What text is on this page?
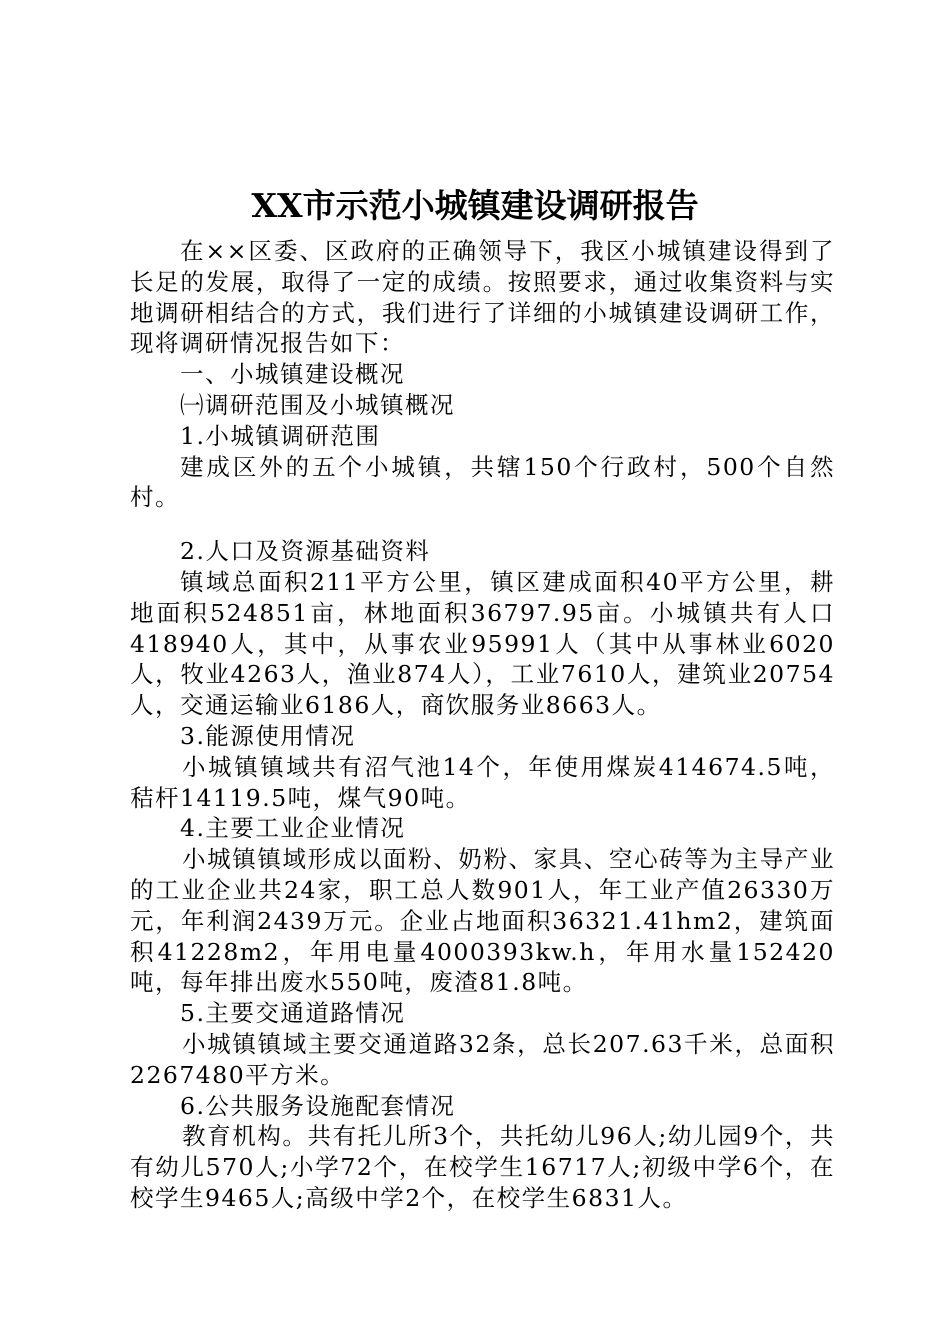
XX市示范小城镇建设调研报告

在××区委、区政府的正确领导下，我区小城镇建设得到了长足的发展，取得了一定的成绩。按照要求，通过收集资料与实地调研相结合的方式，我们进行了详细的小城镇建设调研工作，现将调研情况报告如下：

一、小城镇建设概况

㈠调研范围及小城镇概况

1.小城镇调研范围

建成区外的五个小城镇，共辖150个行政村，500个自然村。

2.人口及资源基础资料

镇域总面积211平方公里，镇区建成面积40平方公里，耕地面积524851亩，林地面积36797.95亩。小城镇共有人口418940人，其中，从事农业95991人（其中从事林业6020人，牧业4263人，渔业874人），工业7610人，建筑业20754人，交通运输业6186人，商饮服务业8663人。

3.能源使用情况

小城镇镇域共有沼气池14个，年使用煤炭414674.5吨，秸杆14119.5吨，煤气90吨。

4.主要工业企业情况

小城镇镇域形成以面粉、奶粉、家具、空心砖等为主导产业的工业企业共24家，职工总人数901人，年工业产值26330万元，年利润2439万元。企业占地面积36321.41hm2，建筑面积41228m2，年用电量4000393kw.h，年用水量152420吨，每年排出废水550吨，废渣81.8吨。

5.主要交通道路情况

小城镇镇域主要交通道路32条，总长207.63千米，总面积2267480平方米。

6.公共服务设施配套情况

教育机构。共有托儿所3个，共托幼儿96人;幼儿园9个，共有幼儿570人;小学72个，在校学生16717人;初级中学6个，在校学生9465人;高级中学2个，在校学生6831人。
